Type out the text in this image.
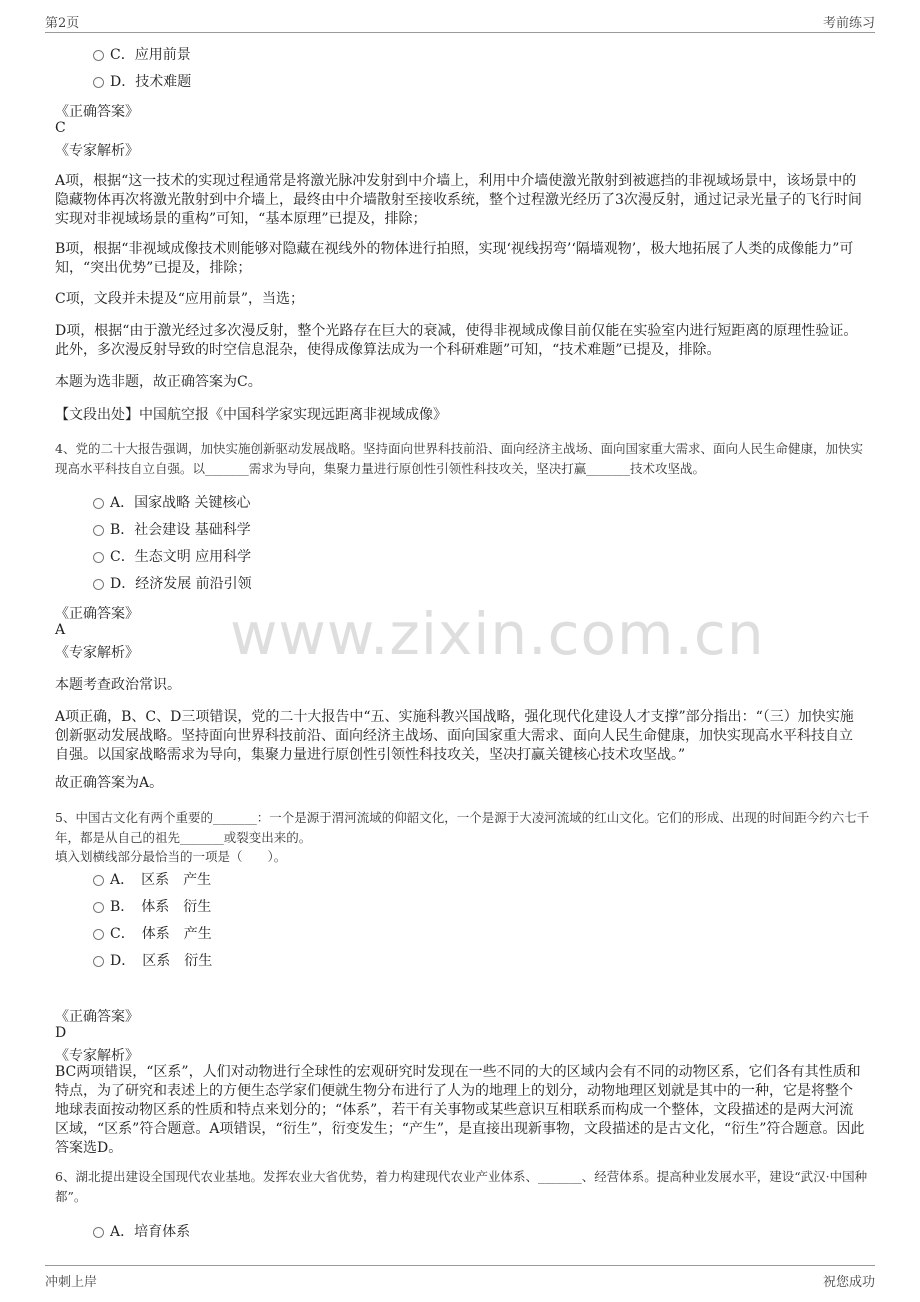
第2页	考前练习
www.zixin.com.cn
C．应用前景
D．技术难题
《正确答案》
C
《专家解析》
A项，根据“这一技术的实现过程通常是将激光脉冲发射到中介墙上，利用中介墙使激光散射到被遮挡的非视域场景中，该场景中的隐藏物体再次将激光散射到中介墙上，最终由中介墙散射至接收系统，整个过程激光经历了3次漫反射，通过记录光量子的飞行时间实现对非视域场景的重构”可知，“基本原理”已提及，排除；
B项，根据“非视域成像技术则能够对隐藏在视线外的物体进行拍照，实现‘视线拐弯’‘隔墙观物’，极大地拓展了人类的成像能力”可知，“突出优势”已提及，排除；
C项，文段并未提及“应用前景”，当选；
D项，根据“由于激光经过多次漫反射，整个光路存在巨大的衰减，使得非视域成像目前仅能在实验室内进行短距离的原理性验证。此外，多次漫反射导致的时空信息混杂，使得成像算法成为一个科研难题”可知，“技术难题”已提及，排除。
本题为选非题，故正确答案为C。
【文段出处】中国航空报《中国科学家实现远距离非视域成像》
4、党的二十大报告强调，加快实施创新驱动发展战略。坚持面向世界科技前沿、面向经济主战场、面向国家重大需求、面向人民生命健康，加快实现高水平科技自立自强。以_______需求为导向，集聚力量进行原创性引领性科技攻关，坚决打赢_______技术攻坚战。
A．国家战略 关键核心
B．社会建设 基础科学
C．生态文明 应用科学
D．经济发展 前沿引领
《正确答案》
A
《专家解析》
本题考查政治常识。
A项正确，B、C、D三项错误，党的二十大报告中“五、实施科教兴国战略，强化现代化建设人才支撑”部分指出：“（三）加快实施创新驱动发展战略。坚持面向世界科技前沿、面向经济主战场、面向国家重大需求、面向人民生命健康，加快实现高水平科技自立自强。以国家战略需求为导向，集聚力量进行原创性引领性科技攻关，坚决打赢关键核心技术攻坚战。”
故正确答案为A。
5、中国古文化有两个重要的_______：一个是源于渭河流域的仰韶文化，一个是源于大凌河流域的红山文化。它们的形成、出现的时间距今约六七千年，都是从自己的祖先_______或裂变出来的。
填入划横线部分最恰当的一项是（　　）。
A．　区系　产生
B．　体系　衍生
C．　体系　产生
D．　区系　衍生
《正确答案》
D
《专家解析》
BC两项错误，“区系”，人们对动物进行全球性的宏观研究时发现在一些不同的大的区域内会有不同的动物区系，它们各有其性质和特点，为了研究和表述上的方便生态学家们便就生物分布进行了人为的地理上的划分，动物地理区划就是其中的一种，它是将整个地球表面按动物区系的性质和特点来划分的；“体系”，若干有关事物或某些意识互相联系而构成一个整体，文段描述的是两大河流区域，“区系”符合题意。A项错误，“衍生”，衍变发生；“产生”，是直接出现新事物，文段描述的是古文化，“衍生”符合题意。因此答案选D。
6、湖北提出建设全国现代农业基地。发挥农业大省优势，着力构建现代农业产业体系、_______、经营体系。提高种业发展水平，建设“武汉·中国种都”。
A．培育体系
冲刺上岸	祝您成功
